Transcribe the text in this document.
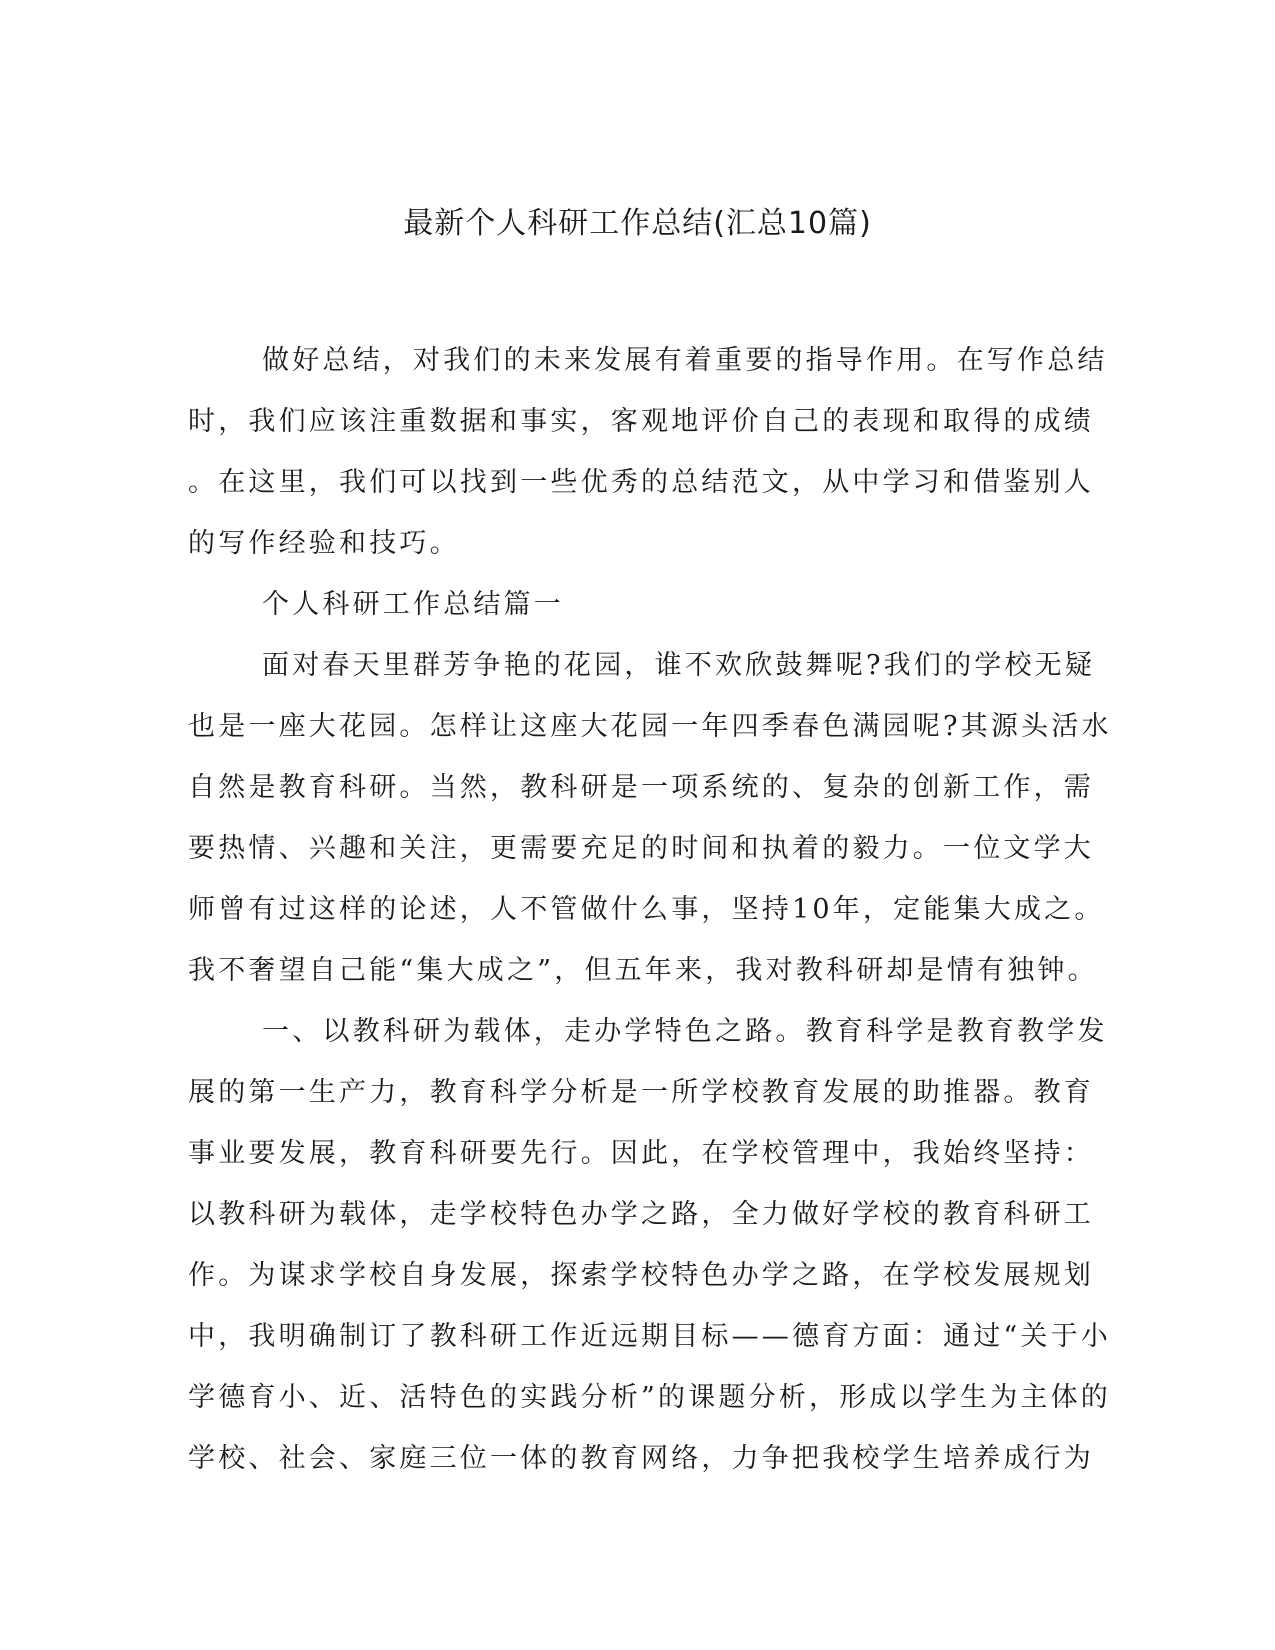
最新个人科研工作总结(汇总10篇)

做好总结，对我们的未来发展有着重要的指导作用。在写作总结

时，我们应该注重数据和事实，客观地评价自己的表现和取得的成绩

。在这里，我们可以找到一些优秀的总结范文，从中学习和借鉴别人

的写作经验和技巧。

个人科研工作总结篇一

面对春天里群芳争艳的花园，谁不欢欣鼓舞呢?我们的学校无疑

也是一座大花园。怎样让这座大花园一年四季春色满园呢?其源头活水

自然是教育科研。当然，教科研是一项系统的、复杂的创新工作，需

要热情、兴趣和关注，更需要充足的时间和执着的毅力。一位文学大

师曾有过这样的论述，人不管做什么事，坚持10年，定能集大成之。

我不奢望自己能“集大成之”，但五年来，我对教科研却是情有独钟。

一、以教科研为载体，走办学特色之路。教育科学是教育教学发

展的第一生产力，教育科学分析是一所学校教育发展的助推器。教育

事业要发展，教育科研要先行。因此，在学校管理中，我始终坚持：

以教科研为载体，走学校特色办学之路，全力做好学校的教育科研工

作。为谋求学校自身发展，探索学校特色办学之路，在学校发展规划

中，我明确制订了教科研工作近远期目标——德育方面：通过“关于小

学德育小、近、活特色的实践分析”的课题分析，形成以学生为主体的

学校、社会、家庭三位一体的教育网络，力争把我校学生培养成行为
